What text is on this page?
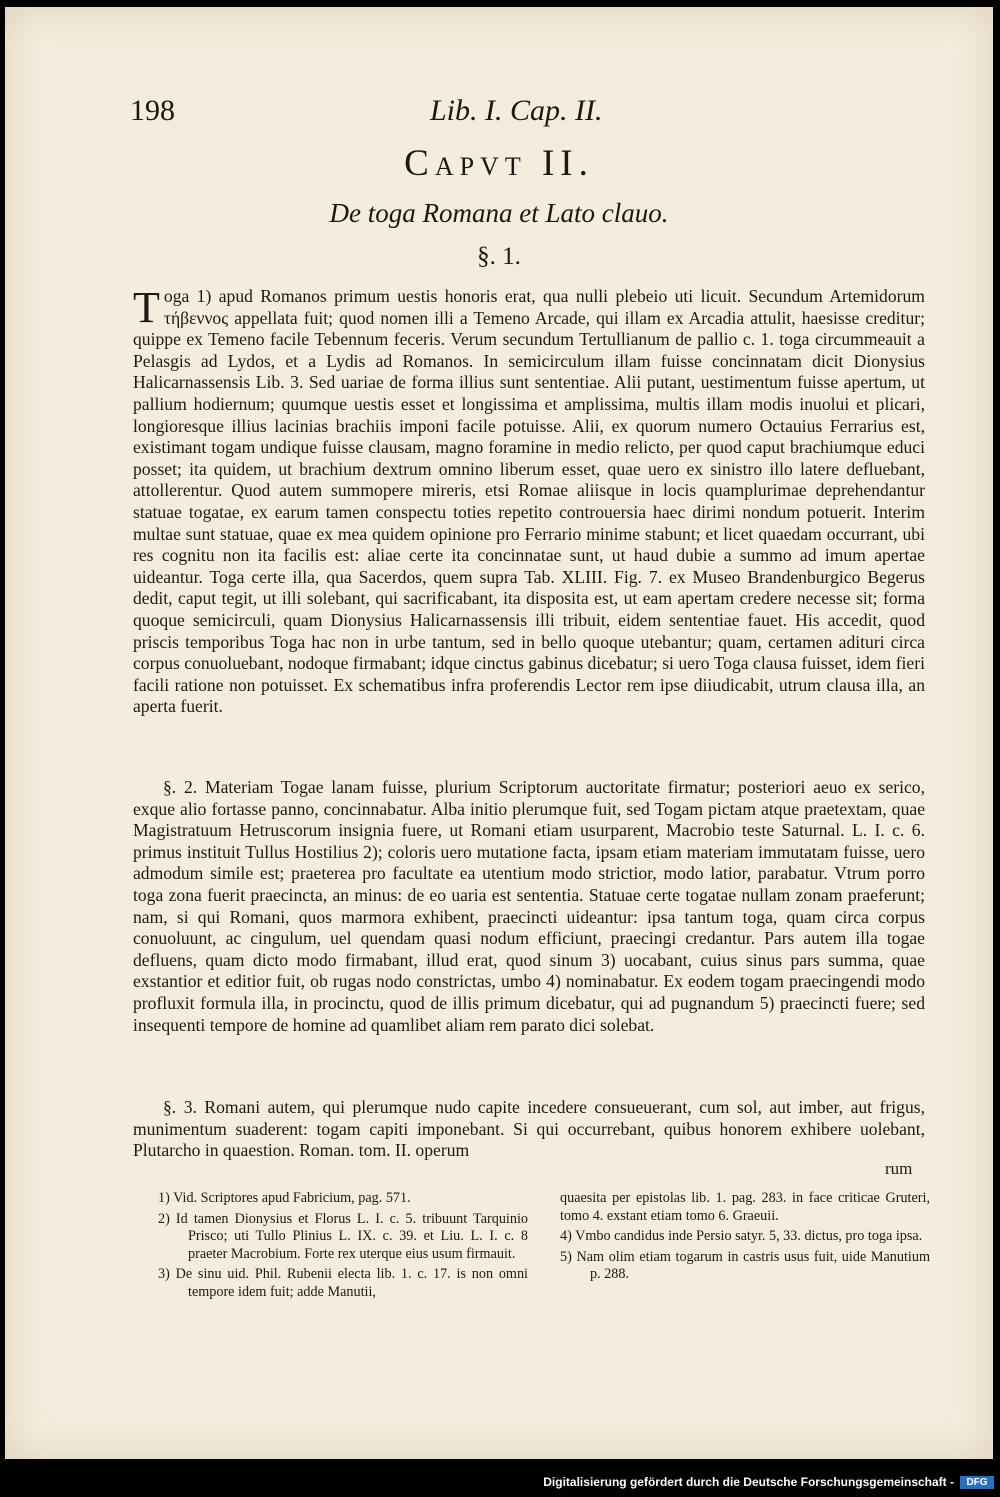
198	Lib. I. Cap. II.
Capvt II.
De toga Romana et Lato clauo.
§. 1.

Toga 1) apud Romanos primum uestis honoris erat, qua nulli plebeio uti licuit. Secundum Artemidorum τήβεννος appellata fuit; quod nomen illi a Temeno Arcade, qui illam ex Arcadia attulit, haesisse creditur; quippe ex Temeno facile Tebennum feceris. Verum secundum Tertullianum de pallio c. 1. toga circummeauit a Pelasgis ad Lydos, et a Lydis ad Romanos. In semicirculum illam fuisse concinnatam dicit Dionysius Halicarnassensis Lib. 3. Sed uariae de forma illius sunt sententiae. Alii putant, uestimentum fuisse apertum, ut pallium hodiernum; quumque uestis esset et longissima et amplissima, multis illam modis inuolui et plicari, longioresque illius lacinias brachiis imponi facile potuisse. Alii, ex quorum numero Octauius Ferrarius est, existimant togam undique fuisse clausam, magno foramine in medio relicto, per quod caput brachiumque educi posset; ita quidem, ut brachium dextrum omnino liberum esset, quae uero ex sinistro illo latere defluebant, attollerentur. Quod autem summopere mireris, etsi Romae aliisque in locis quamplurimae deprehendantur statuae togatae, ex earum tamen conspectu toties repetito controuersia haec dirimi nondum potuerit. Interim multae sunt statuae, quae ex mea quidem opinione pro Ferrario minime stabunt; et licet quaedam occurrant, ubi res cognitu non ita facilis est: aliae certe ita concinnatae sunt, ut haud dubie a summo ad imum apertae uideantur. Toga certe illa, qua Sacerdos, quem supra Tab. XLIII. Fig. 7. ex Museo Brandenburgico Begerus dedit, caput tegit, ut illi solebant, qui sacrificabant, ita disposita est, ut eam apertam credere necesse sit; forma quoque semicirculi, quam Dionysius Halicarnassensis illi tribuit, eidem sententiae fauet. His accedit, quod priscis temporibus Toga hac non in urbe tantum, sed in bello quoque utebantur; quam, certamen adituri circa corpus conuoluebant, nodoque firmabant; idque cinctus gabinus dicebatur; si uero Toga clausa fuisset, idem fieri facili ratione non potuisset. Ex schematibus infra proferendis Lector rem ipse diiudicabit, utrum clausa illa, an aperta fuerit.

§. 2. Materiam Togae lanam fuisse, plurium Scriptorum auctoritate firmatur; posteriori aeuo ex serico, exque alio fortasse panno, concinnabatur. Alba initio plerumque fuit, sed Togam pictam atque praetextam, quae Magistratuum Hetruscorum insignia fuere, ut Romani etiam usurparent, Macrobio teste Saturnal. L. I. c. 6. primus instituit Tullus Hostilius 2); coloris uero mutatione facta, ipsam etiam materiam immutatam fuisse, uero admodum simile est; praeterea pro facultate ea utentium modo strictior, modo latior, parabatur. Vtrum porro toga zona fuerit praecincta, an minus: de eo uaria est sententia. Statuae certe togatae nullam zonam praeferunt; nam, si qui Romani, quos marmora exhibent, praecincti uideantur: ipsa tantum toga, quam circa corpus conuoluunt, ac cingulum, uel quendam quasi nodum efficiunt, praecingi credantur. Pars autem illa togae defluens, quam dicto modo firmabant, illud erat, quod sinum 3) uocabant, cuius sinus pars summa, quae exstantior et editior fuit, ob rugas nodo constrictas, umbo 4) nominabatur. Ex eodem togam praecingendi modo profluxit formula illa, in procinctu, quod de illis primum dicebatur, qui ad pugnandum 5) praecincti fuere; sed insequenti tempore de homine ad quamlibet aliam rem parato dici solebat.

§. 3. Romani autem, qui plerumque nudo capite incedere consueuerant, cum sol, aut imber, aut frigus, munimentum suaderent: togam capiti imponebant. Si qui occurrebant, quibus honorem exhibere uolebant, Plutarcho in quaestion. Roman. tom. II. operum

rum

1) Vid. Scriptores apud Fabricium, pag. 571.

2) Id tamen Dionysius et Florus L. I. c. 5. tribuunt Tarquinio Prisco; uti Tullo Plinius L. IX. c. 39. et Liu. L. I. c. 8 praeter Macrobium. Forte rex uterque eius usum firmauit.

3) De sinu uid. Phil. Rubenii electa lib. 1. c. 17. is non omni tempore idem fuit; adde Manutii,

quaesita per epistolas lib. 1. pag. 283. in face criticae Gruteri, tomo 4. exstant etiam tomo 6. Graeuii.

4) Vmbo candidus inde Persio satyr. 5, 33. dictus, pro toga ipsa.

5) Nam olim etiam togarum in castris usus fuit, uide Manutium p. 288.

Digitalisierung gefördert durch die Deutsche Forschungsgemeinschaft -	DFG
